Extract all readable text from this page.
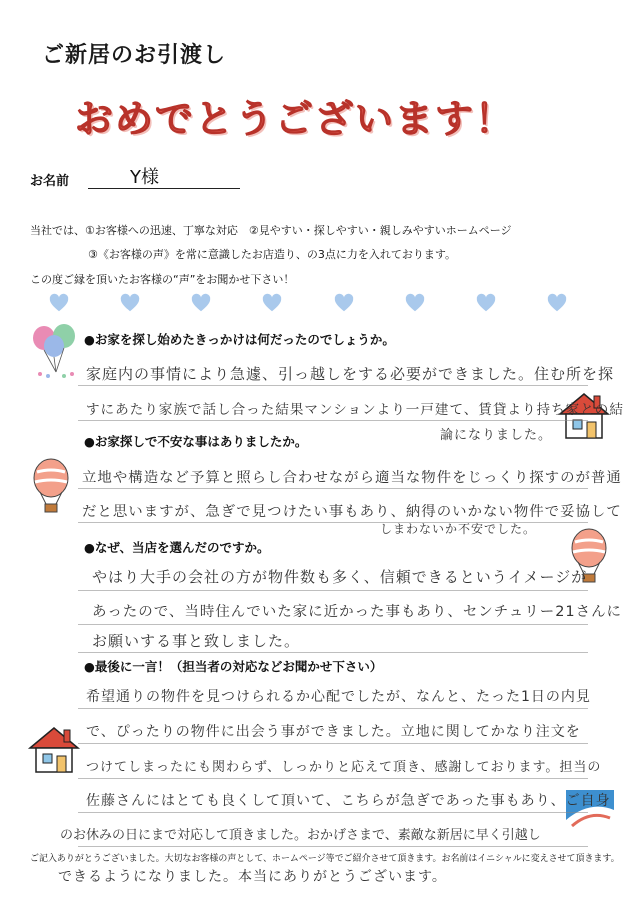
ご新居のお引渡し
おめでとうございます！
お名前	Y様
当社では、①お客様への迅速、丁寧な対応　②見やすい・探しやすい・親しみやすいホームページ
③《お客様の声》を常に意識したお店造り、の3点に力を入れております。
この度ご縁を頂いたお客様の“声”をお聞かせ下さい！
●お家を探し始めたきっかけは何だったのでしょうか。
家庭内の事情により急遽、引っ越しをする必要ができました。住む所を探
すにあたり家族で話し合った結果マンションより一戸建て、賃貸より持ち家との結
論になりました。
●お家探しで不安な事はありましたか。
立地や構造など予算と照らし合わせながら適当な物件をじっくり探すのが普通
だと思いますが、急ぎで見つけたい事もあり、納得のいかない物件で妥協して
しまわないか不安でした。
●なぜ、当店を選んだのですか。
やはり大手の会社の方が物件数も多く、信頼できるというイメージが
あったので、当時住んでいた家に近かった事もあり、センチュリー21さんに
お願いする事と致しました。
●最後に一言！（担当者の対応などお聞かせ下さい）
希望通りの物件を見つけられるか心配でしたが、なんと、たった1日の内見
で、ぴったりの物件に出会う事ができました。立地に関してかなり注文を
つけてしまったにも関わらず、しっかりと応えて頂き、感謝しております。担当の
佐藤さんにはとても良くして頂いて、こちらが急ぎであった事もあり、ご自身
のお休みの日にまで対応して頂きました。おかげさまで、素敵な新居に早く引越し
ご記入ありがとうございました。大切なお客様の声として、ホームページ等でご紹介させて頂きます。お名前はイニシャルに変えさせて頂きます。
できるようになりました。本当にありがとうございます。
